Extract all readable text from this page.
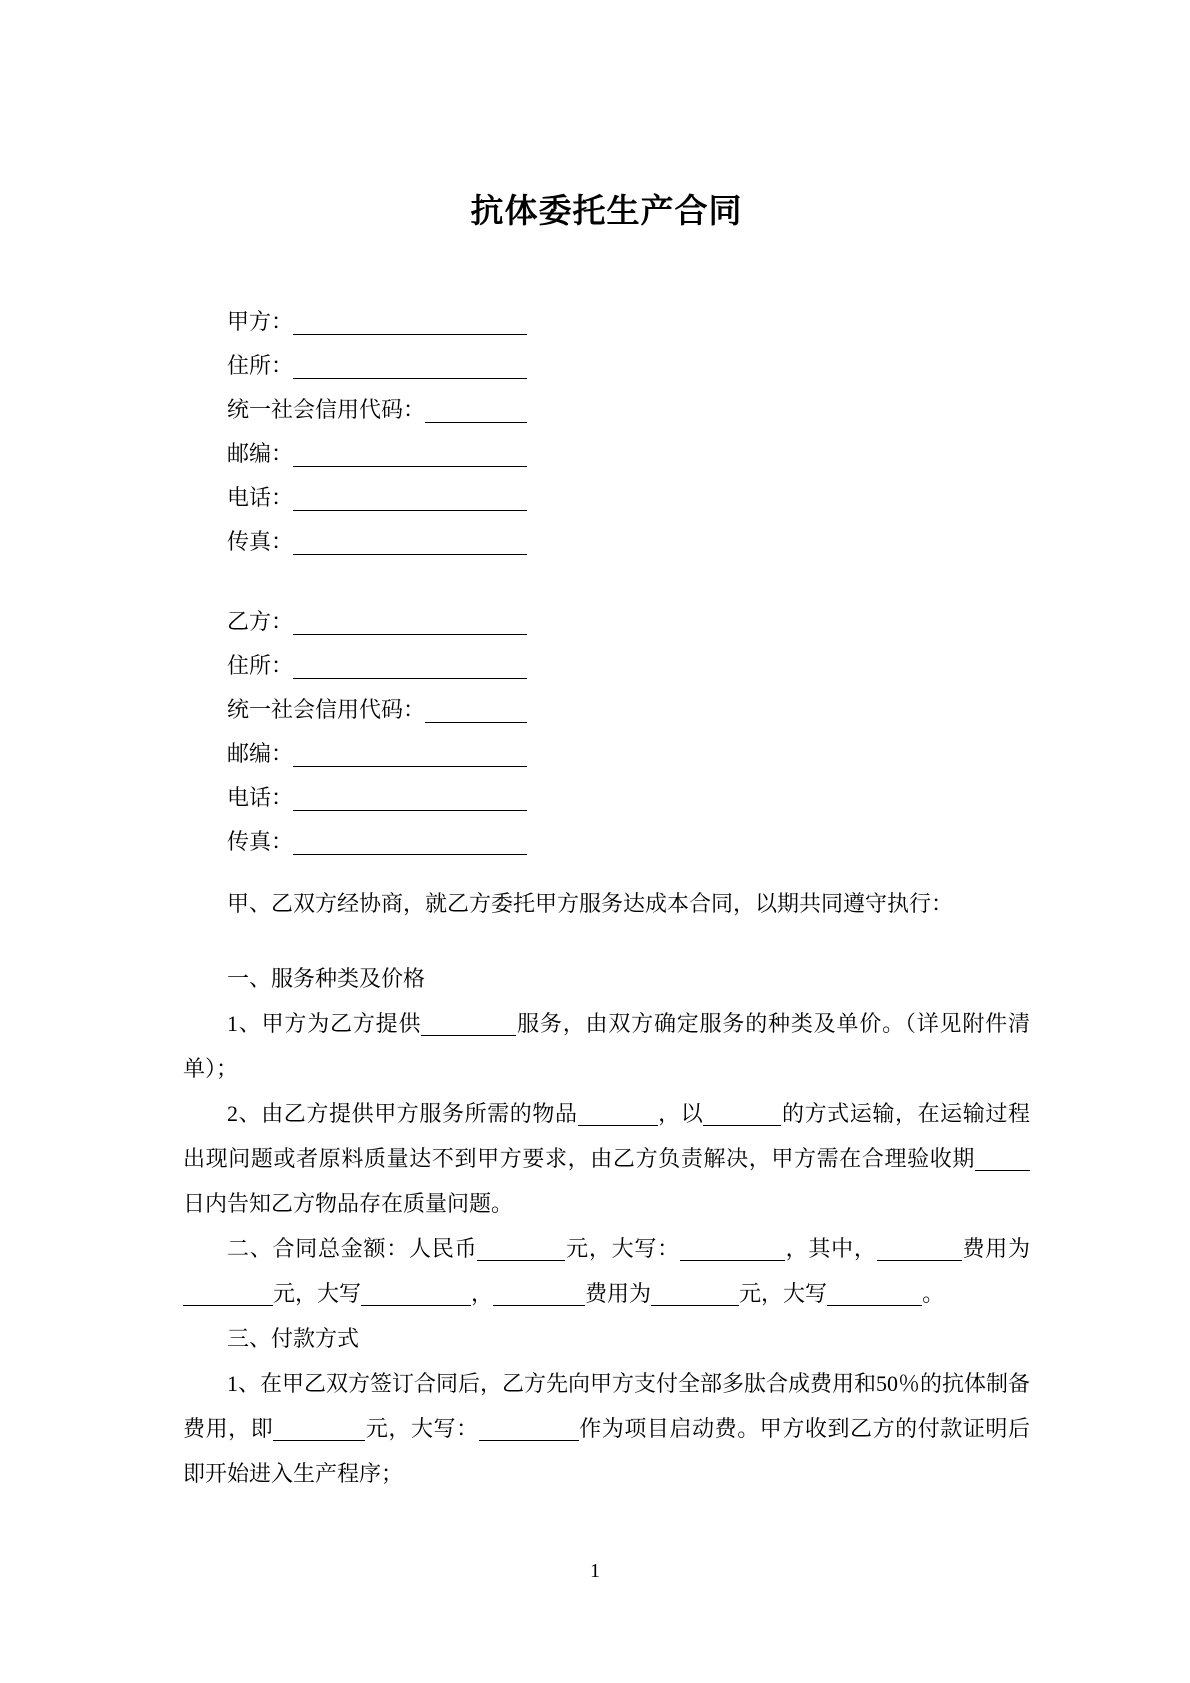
抗体委托生产合同
甲方：
住所：
统一社会信用代码：
邮编：
电话：
传真：
乙方：
住所：
统一社会信用代码：
邮编：
电话：
传真：

甲、乙双方经协商，就乙方委托甲方服务达成本合同，以期共同遵守执行：

一、服务种类及价格

1、甲方为乙方提供	服务，由双方确定服务的种类及单价。（详见附件清单）；

2、由乙方提供甲方服务所需的物品	，以	的方式运输，在运输过程出现问题或者原料质量达不到甲方要求，由乙方负责解决，甲方需在合理验收期日内告知乙方物品存在质量问题。

二、合同总金额：人民币	元，大写：	，其中，	费用为元，大写	，	费用为	元，大写	。

三、付款方式

1、在甲乙双方签订合同后，乙方先向甲方支付全部多肽合成费用和50％的抗体制备费用，即	元，大写：	作为项目启动费。甲方收到乙方的付款证明后即开始进入生产程序；

1
